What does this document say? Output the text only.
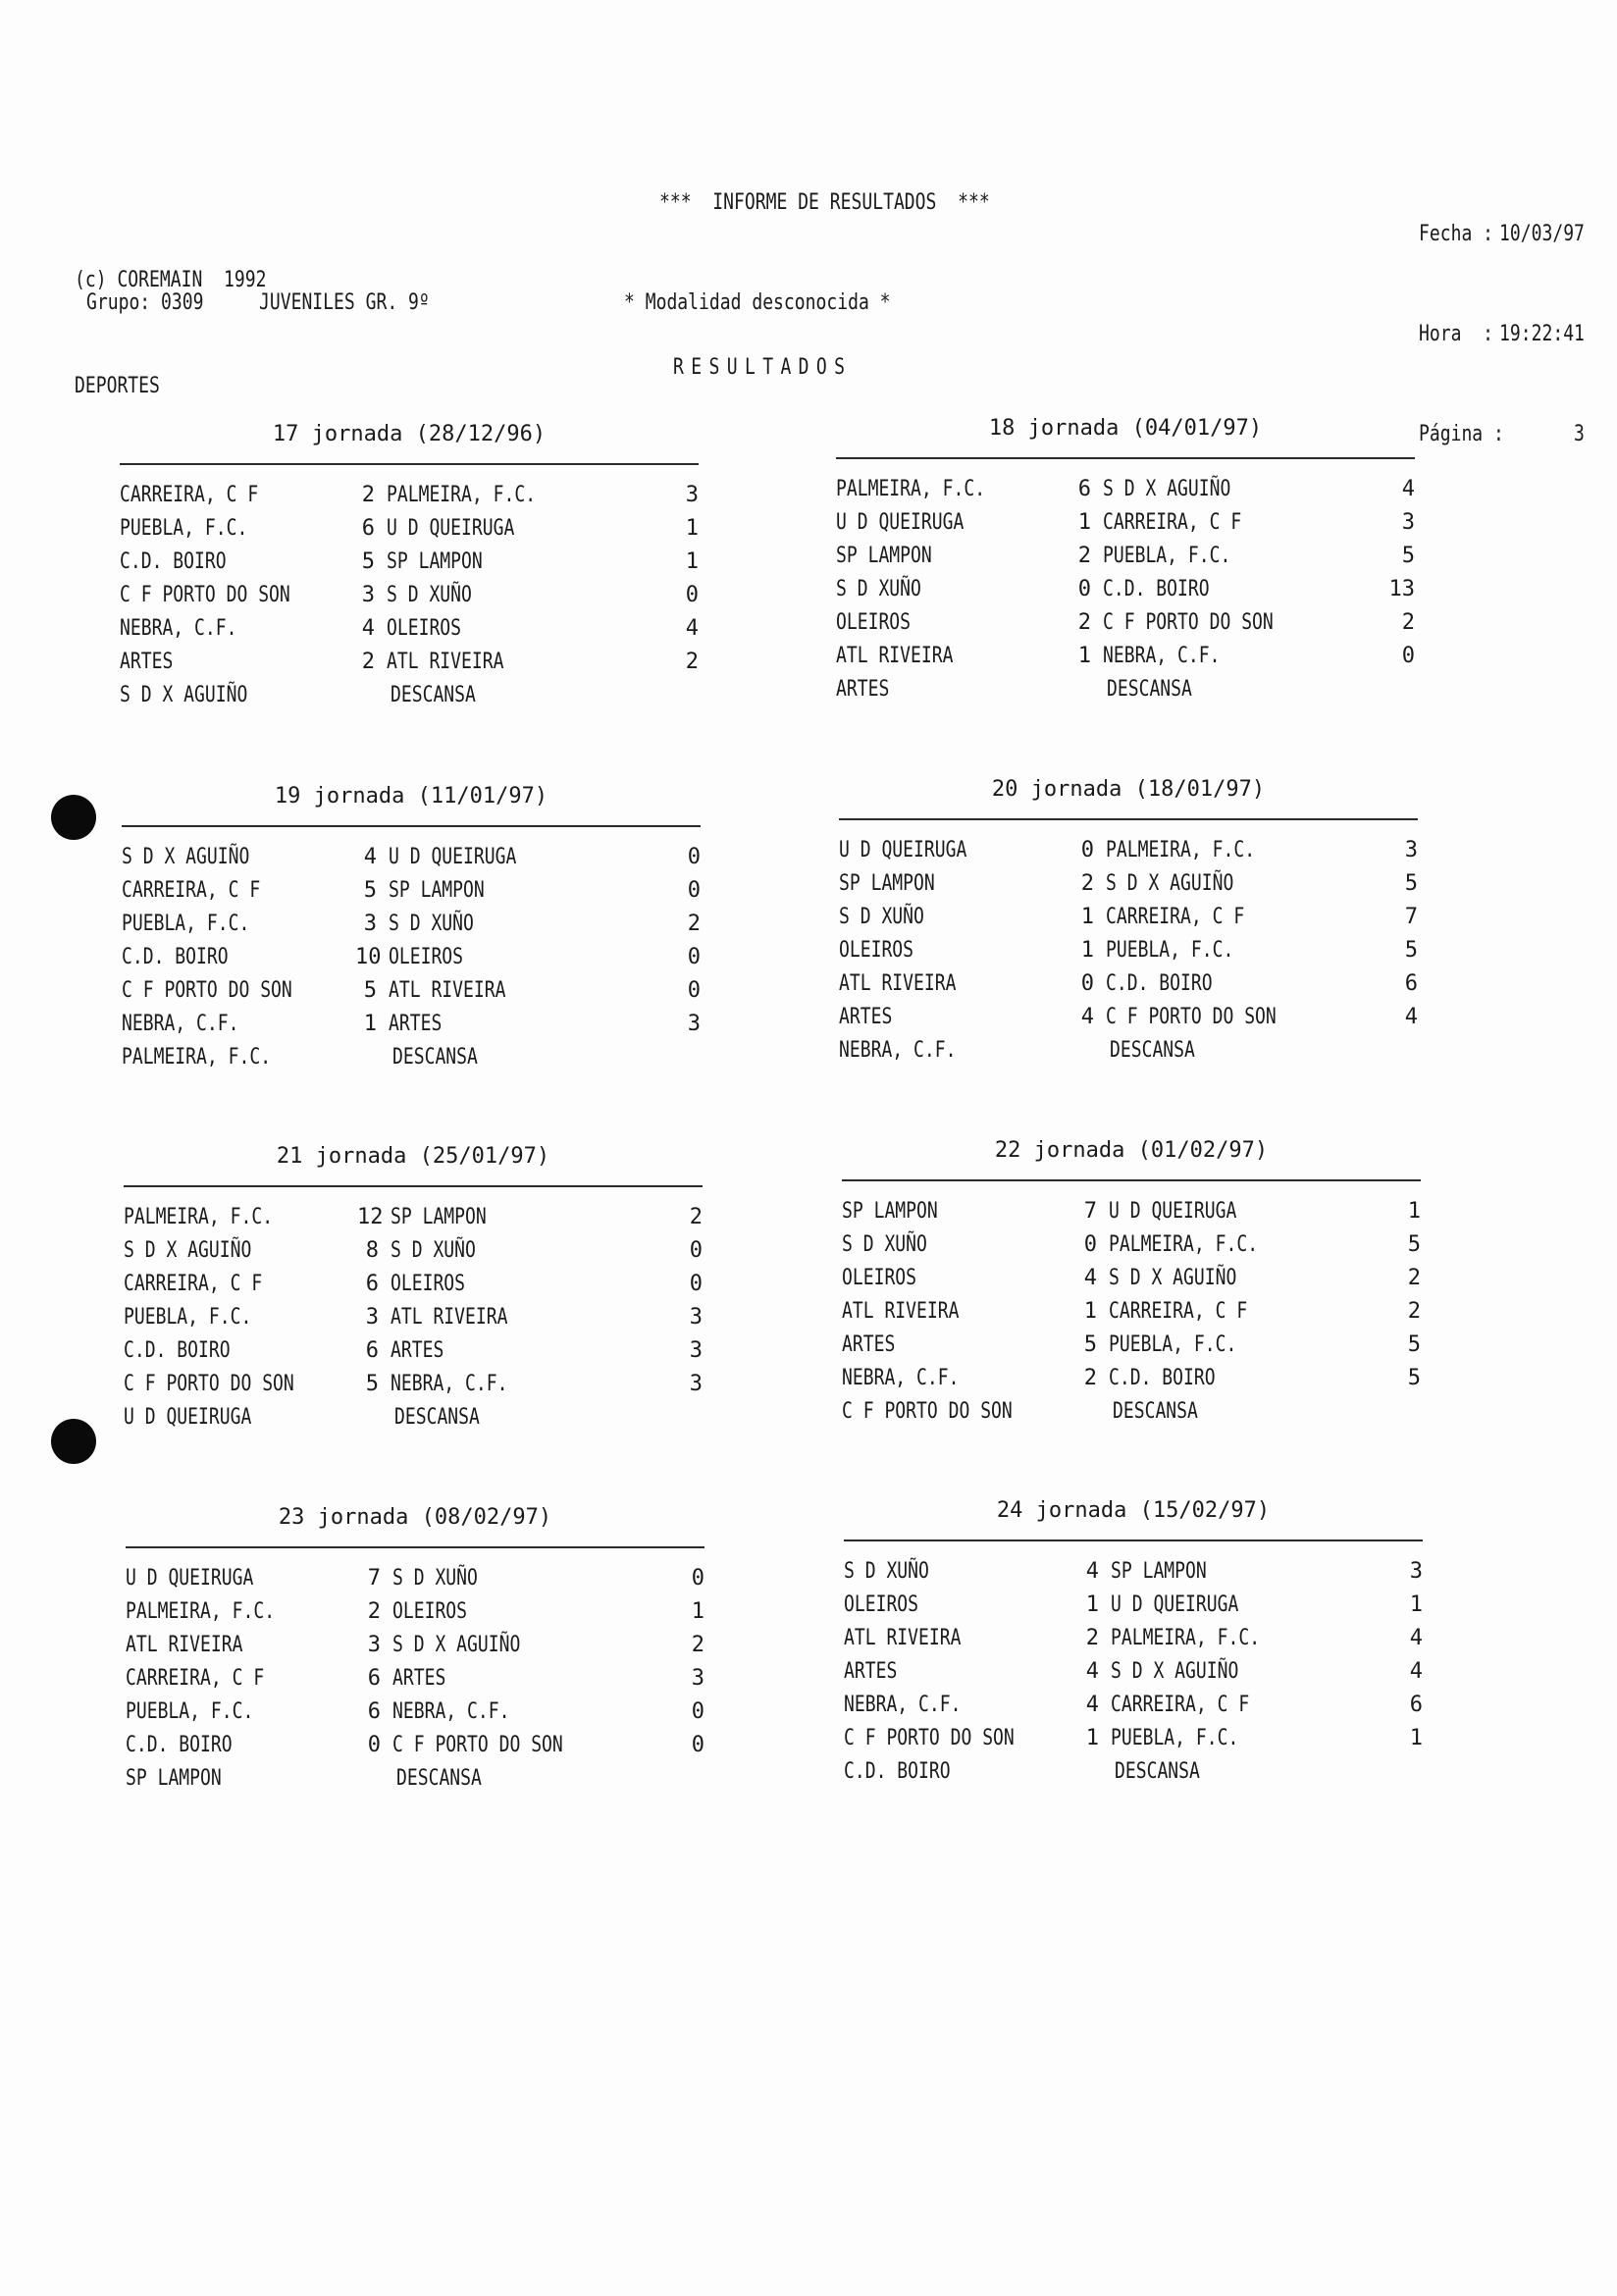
(c) COREMAIN  1992

DEPORTES

***  INFORME DE RESULTADOS  ***

Fecha : 10/03/97

Hora  : 19:22:41

Página :	3

Grupo: 0309	JUVENILES GR. 9º	* Modalidad desconocida *
RESULTADOS
17 jornada (28/12/96)
CARREIRA, C F	2 PALMEIRA, F.C.	3
PUEBLA, F.C.	6 U D QUEIRUGA	1
C.D. BOIRO	5 SP LAMPON	1
C F PORTO DO SON	3 S D XUÑO	0
NEBRA, C.F.	4 OLEIROS	4
ARTES	2 ATL RIVEIRA	2
S D X AGUIÑO	DESCANSA
18 jornada (04/01/97)
PALMEIRA, F.C.	6 S D X AGUIÑO	4
U D QUEIRUGA	1 CARREIRA, C F	3
SP LAMPON	2 PUEBLA, F.C.	5
S D XUÑO	0 C.D. BOIRO	13
OLEIROS	2 C F PORTO DO SON	2
ATL RIVEIRA	1 NEBRA, C.F.	0
ARTES	DESCANSA
19 jornada (11/01/97)
S D X AGUIÑO	4 U D QUEIRUGA	0
CARREIRA, C F	5 SP LAMPON	0
PUEBLA, F.C.	3 S D XUÑO	2
C.D. BOIRO	10 OLEIROS	0
C F PORTO DO SON	5 ATL RIVEIRA	0
NEBRA, C.F.	1 ARTES	3
PALMEIRA, F.C.	DESCANSA
20 jornada (18/01/97)
U D QUEIRUGA	0 PALMEIRA, F.C.	3
SP LAMPON	2 S D X AGUIÑO	5
S D XUÑO	1 CARREIRA, C F	7
OLEIROS	1 PUEBLA, F.C.	5
ATL RIVEIRA	0 C.D. BOIRO	6
ARTES	4 C F PORTO DO SON	4
NEBRA, C.F.	DESCANSA
21 jornada (25/01/97)
PALMEIRA, F.C.	12 SP LAMPON	2
S D X AGUIÑO	8 S D XUÑO	0
CARREIRA, C F	6 OLEIROS	0
PUEBLA, F.C.	3 ATL RIVEIRA	3
C.D. BOIRO	6 ARTES	3
C F PORTO DO SON	5 NEBRA, C.F.	3
U D QUEIRUGA	DESCANSA
22 jornada (01/02/97)
SP LAMPON	7 U D QUEIRUGA	1
S D XUÑO	0 PALMEIRA, F.C.	5
OLEIROS	4 S D X AGUIÑO	2
ATL RIVEIRA	1 CARREIRA, C F	2
ARTES	5 PUEBLA, F.C.	5
NEBRA, C.F.	2 C.D. BOIRO	5
C F PORTO DO SON	DESCANSA
23 jornada (08/02/97)
U D QUEIRUGA	7 S D XUÑO	0
PALMEIRA, F.C.	2 OLEIROS	1
ATL RIVEIRA	3 S D X AGUIÑO	2
CARREIRA, C F	6 ARTES	3
PUEBLA, F.C.	6 NEBRA, C.F.	0
C.D. BOIRO	0 C F PORTO DO SON	0
SP LAMPON	DESCANSA
24 jornada (15/02/97)
S D XUÑO	4 SP LAMPON	3
OLEIROS	1 U D QUEIRUGA	1
ATL RIVEIRA	2 PALMEIRA, F.C.	4
ARTES	4 S D X AGUIÑO	4
NEBRA, C.F.	4 CARREIRA, C F	6
C F PORTO DO SON	1 PUEBLA, F.C.	1
C.D. BOIRO	DESCANSA
